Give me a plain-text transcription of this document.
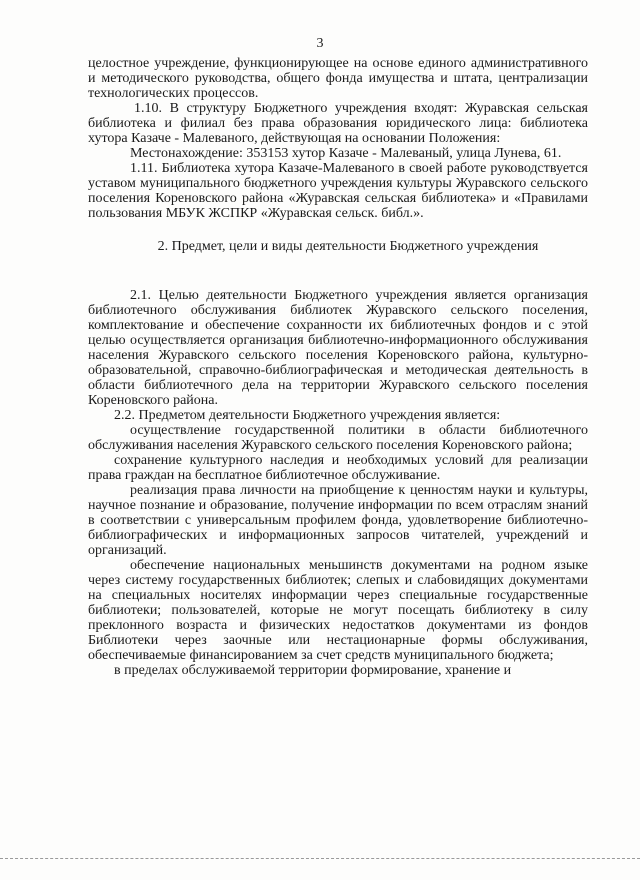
3

целостное учреждение, функционирующее на основе единого административного и методического руководства, общего фонда имущества и штата, централизации технологических процессов.

1.10. В структуру Бюджетного учреждения входят: Журавская сельская библиотека и филиал без права образования юридического лица: библиотека хутора Казаче - Малеваного, действующая на основании Положения:

Местонахождение: 353153 хутор Казаче - Малеваный, улица Лунева, 61.

1.11. Библиотека хутора Казаче-Малеваного в своей работе руководствуется уставом муниципального бюджетного учреждения культуры Журавского сельского поселения Кореновского района «Журавская сельская библиотека» и «Правилами пользования МБУК ЖСПКР «Журавская сельск. библ.».

2. Предмет, цели и виды деятельности Бюджетного учреждения

2.1. Целью деятельности Бюджетного учреждения является организация библиотечного обслуживания библиотек Журавского сельского поселения, комплектование и обеспечение сохранности их библиотечных фондов и с этой целью осуществляется организация библиотечно-информационного обслуживания населения Журавского сельского поселения Кореновского района, культурно-образовательной, справочно-библиографическая и методическая деятельность в области библиотечного дела на территории Журавского сельского поселения Кореновского района.

2.2. Предметом деятельности Бюджетного учреждения является:

осуществление государственной политики в области библиотечного обслуживания населения Журавского сельского поселения Кореновского района;

сохранение культурного наследия и необходимых условий для реализации права граждан на бесплатное библиотечное обслуживание.

реализация права личности на приобщение к ценностям науки и культуры, научное познание и образование, получение информации по всем отраслям знаний в соответствии с универсальным профилем фонда, удовлетворение библиотечно-библиографических и информационных запросов читателей, учреждений и организаций.

обеспечение национальных меньшинств документами на родном языке через систему государственных библиотек; слепых и слабовидящих документами на специальных носителях информации через специальные государственные библиотеки; пользователей, которые не могут посещать библиотеку в силу преклонного возраста и физических недостатков документами из фондов Библиотеки через заочные или нестационарные формы обслуживания, обеспечиваемые финансированием за счет средств муниципального бюджета;

в пределах обслуживаемой территории формирование, хранение и
